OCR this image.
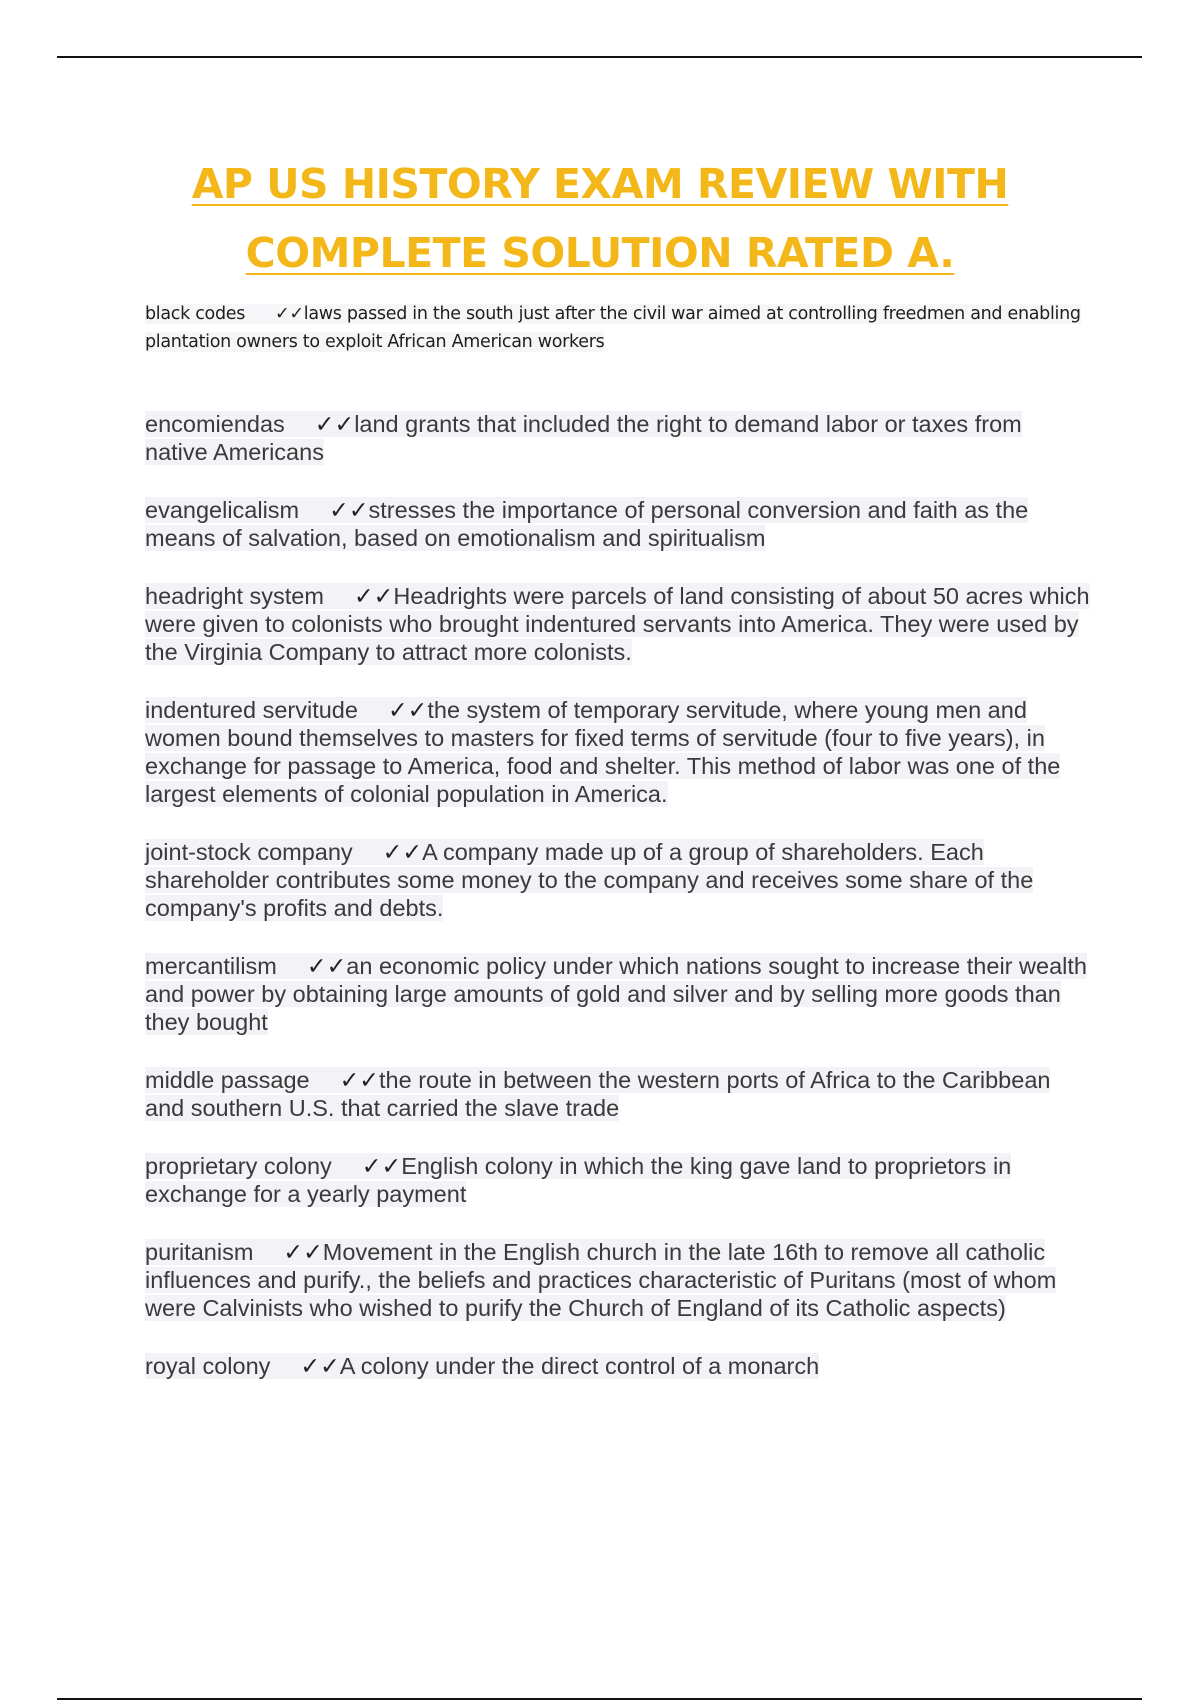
AP US HISTORY EXAM REVIEW WITH
COMPLETE SOLUTION RATED A.
black codes ✓✓laws passed in the south just after the civil war aimed at controlling freedmen and enabling plantation owners to exploit African American workers
encomiendas ✓✓land grants that included the right to demand labor or taxes from native Americans
evangelicalism ✓✓stresses the importance of personal conversion and faith as the means of salvation, based on emotionalism and spiritualism
headright system ✓✓Headrights were parcels of land consisting of about 50 acres which were given to colonists who brought indentured servants into America. They were used by the Virginia Company to attract more colonists.
indentured servitude ✓✓the system of temporary servitude, where young men and women bound themselves to masters for fixed terms of servitude (four to five years), in exchange for passage to America, food and shelter. This method of labor was one of the largest elements of colonial population in America.
joint-stock company ✓✓A company made up of a group of shareholders. Each shareholder contributes some money to the company and receives some share of the company's profits and debts.
mercantilism ✓✓an economic policy under which nations sought to increase their wealth and power by obtaining large amounts of gold and silver and by selling more goods than they bought
middle passage ✓✓the route in between the western ports of Africa to the Caribbean and southern U.S. that carried the slave trade
proprietary colony ✓✓English colony in which the king gave land to proprietors in exchange for a yearly payment
puritanism ✓✓Movement in the English church in the late 16th to remove all catholic influences and purify., the beliefs and practices characteristic of Puritans (most of whom were Calvinists who wished to purify the Church of England of its Catholic aspects)
royal colony ✓✓A colony under the direct control of a monarch
